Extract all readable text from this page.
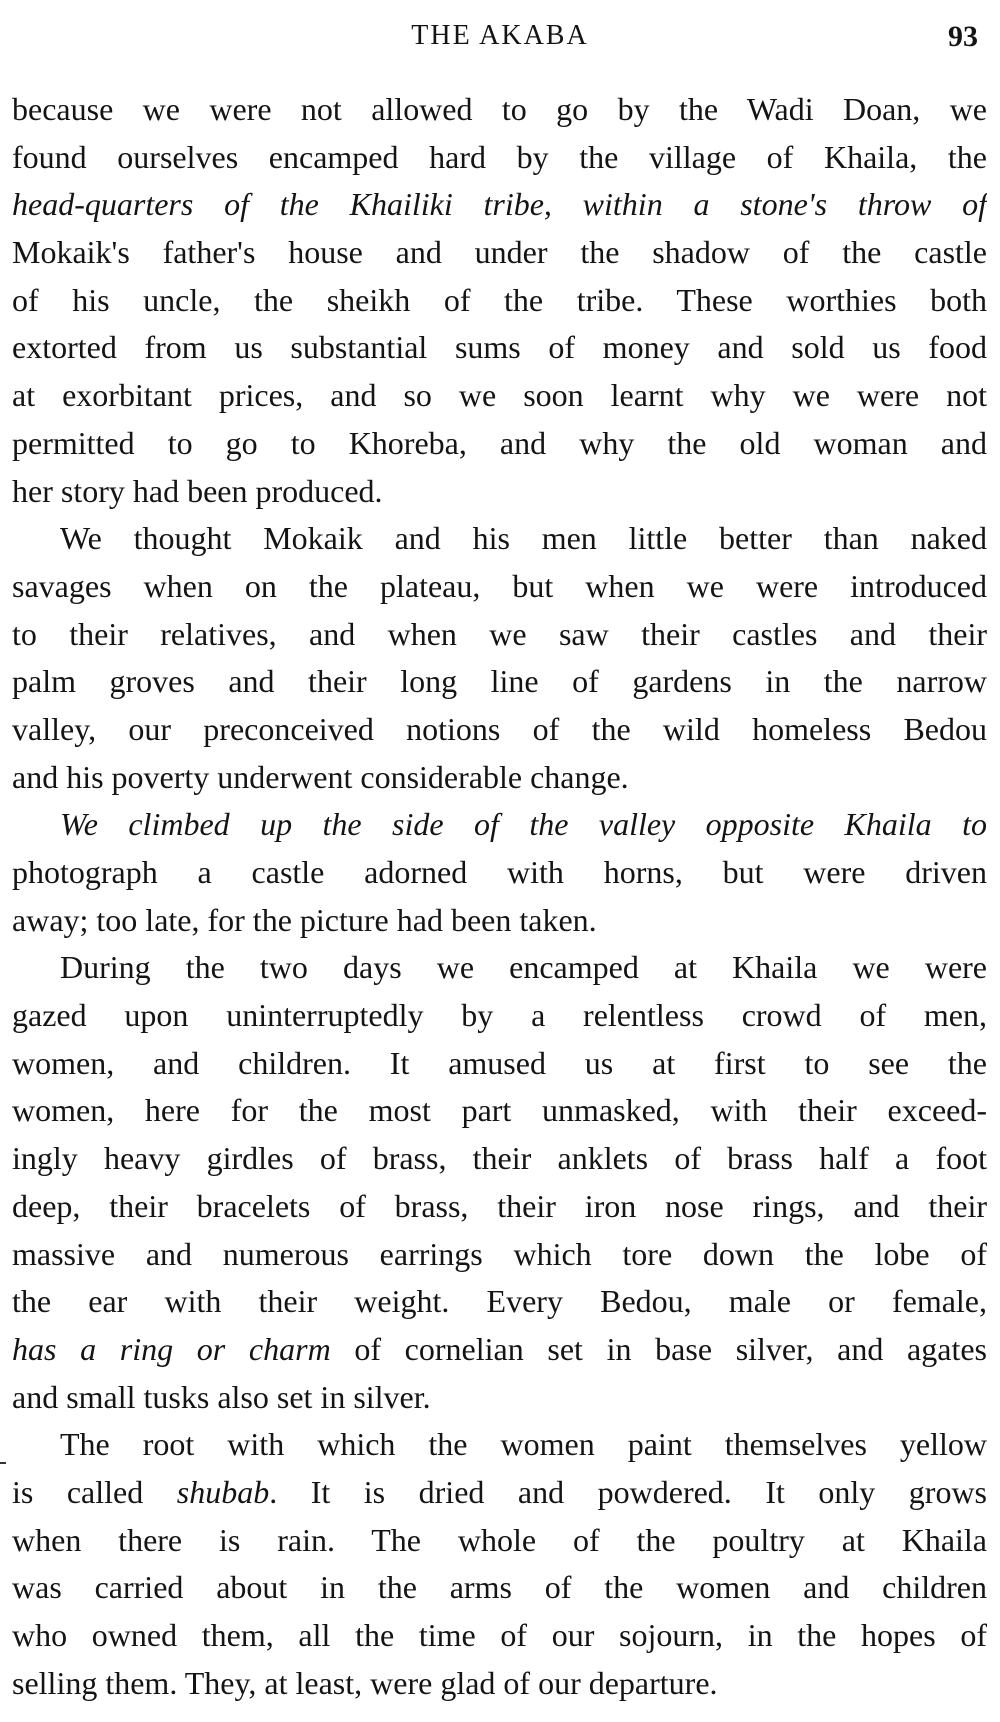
THE AKABA	93
because we were not allowed to go by the Wadi Doan, we
found ourselves encamped hard by the village of Khaila, the
head-quarters of the Khailiki tribe, within a stone's throw of
Mokaik's father's house and under the shadow of the castle
of his uncle, the sheikh of the tribe. These worthies both
extorted from us substantial sums of money and sold us food
at exorbitant prices, and so we soon learnt why we were not
permitted to go to Khoreba, and why the old woman and
her story had been produced.
We thought Mokaik and his men little better than naked
savages when on the plateau, but when we were introduced
to their relatives, and when we saw their castles and their
palm groves and their long line of gardens in the narrow
valley, our preconceived notions of the wild homeless Bedou
and his poverty underwent considerable change.
We climbed up the side of the valley opposite Khaila to
photograph a castle adorned with horns, but were driven
away; too late, for the picture had been taken.
During the two days we encamped at Khaila we were
gazed upon uninterruptedly by a relentless crowd of men,
women, and children. It amused us at first to see the
women, here for the most part unmasked, with their exceed-
ingly heavy girdles of brass, their anklets of brass half a foot
deep, their bracelets of brass, their iron nose rings, and their
massive and numerous earrings which tore down the lobe of
the ear with their weight. Every Bedou, male or female,
has a ring or charm of cornelian set in base silver, and agates
and small tusks also set in silver.
The root with which the women paint themselves yellow
is called shubab. It is dried and powdered. It only grows
when there is rain. The whole of the poultry at Khaila
was carried about in the arms of the women and children
who owned them, all the time of our sojourn, in the hopes of
selling them. They, at least, were glad of our departure.
